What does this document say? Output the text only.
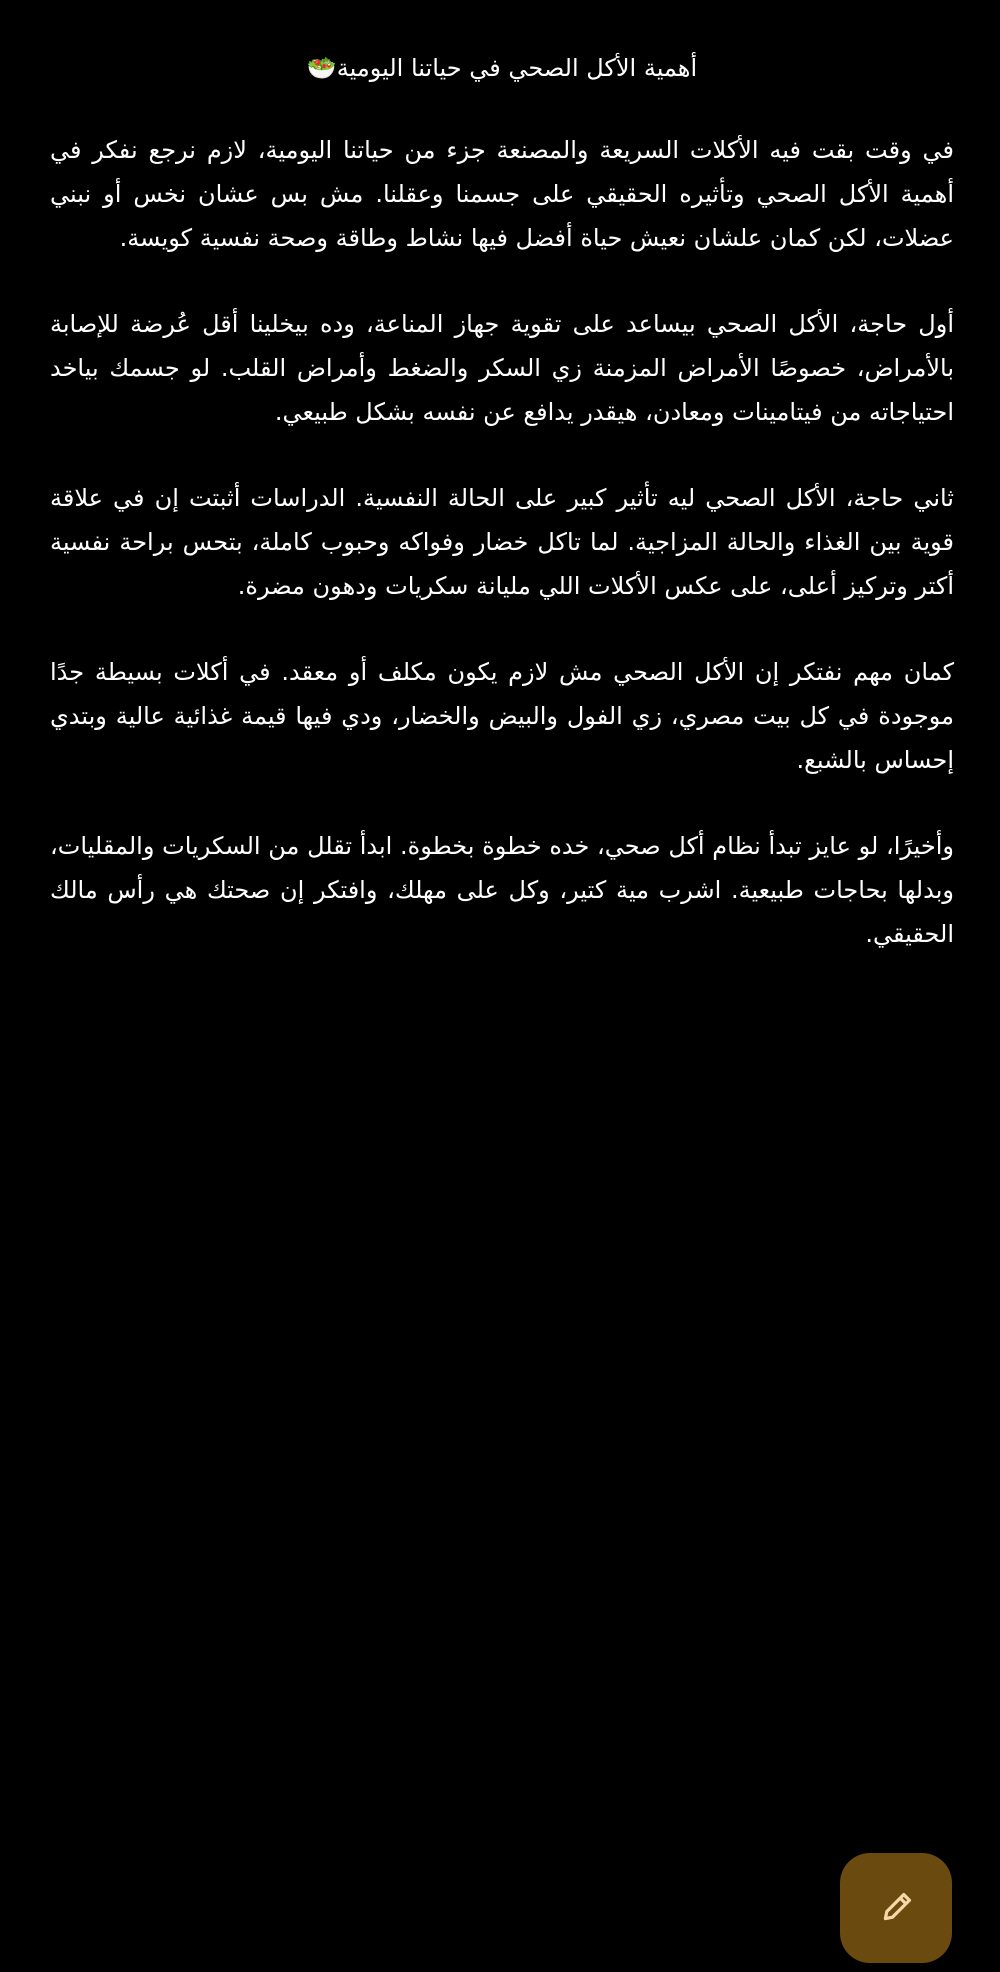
أهمية الأكل الصحي في حياتنا اليومية🥗

في وقت بقت فيه الأكلات السريعة والمصنعة جزء من حياتنا اليومية، لازم نرجع نفكر في أهمية الأكل الصحي وتأثيره الحقيقي على جسمنا وعقلنا. مش بس عشان نخس أو نبني عضلات، لكن كمان علشان نعيش حياة أفضل فيها نشاط وطاقة وصحة نفسية كويسة.

أول حاجة، الأكل الصحي بيساعد على تقوية جهاز المناعة، وده بيخلينا أقل عُرضة للإصابة بالأمراض، خصوصًا الأمراض المزمنة زي السكر والضغط وأمراض القلب. لو جسمك بياخد احتياجاته من فيتامينات ومعادن، هيقدر يدافع عن نفسه بشكل طبيعي.

ثاني حاجة، الأكل الصحي ليه تأثير كبير على الحالة النفسية. الدراسات أثبتت إن في علاقة قوية بين الغذاء والحالة المزاجية. لما تاكل خضار وفواكه وحبوب كاملة، بتحس براحة نفسية أكتر وتركيز أعلى، على عكس الأكلات اللي مليانة سكريات ودهون مضرة.

كمان مهم نفتكر إن الأكل الصحي مش لازم يكون مكلف أو معقد. في أكلات بسيطة جدًا موجودة في كل بيت مصري، زي الفول والبيض والخضار، ودي فيها قيمة غذائية عالية وبتدي إحساس بالشبع.

وأخيرًا، لو عايز تبدأ نظام أكل صحي، خده خطوة بخطوة. ابدأ تقلل من السكريات والمقليات، وبدلها بحاجات طبيعية. اشرب مية كتير، وكل على مهلك، وافتكر إن صحتك هي رأس مالك الحقيقي.
